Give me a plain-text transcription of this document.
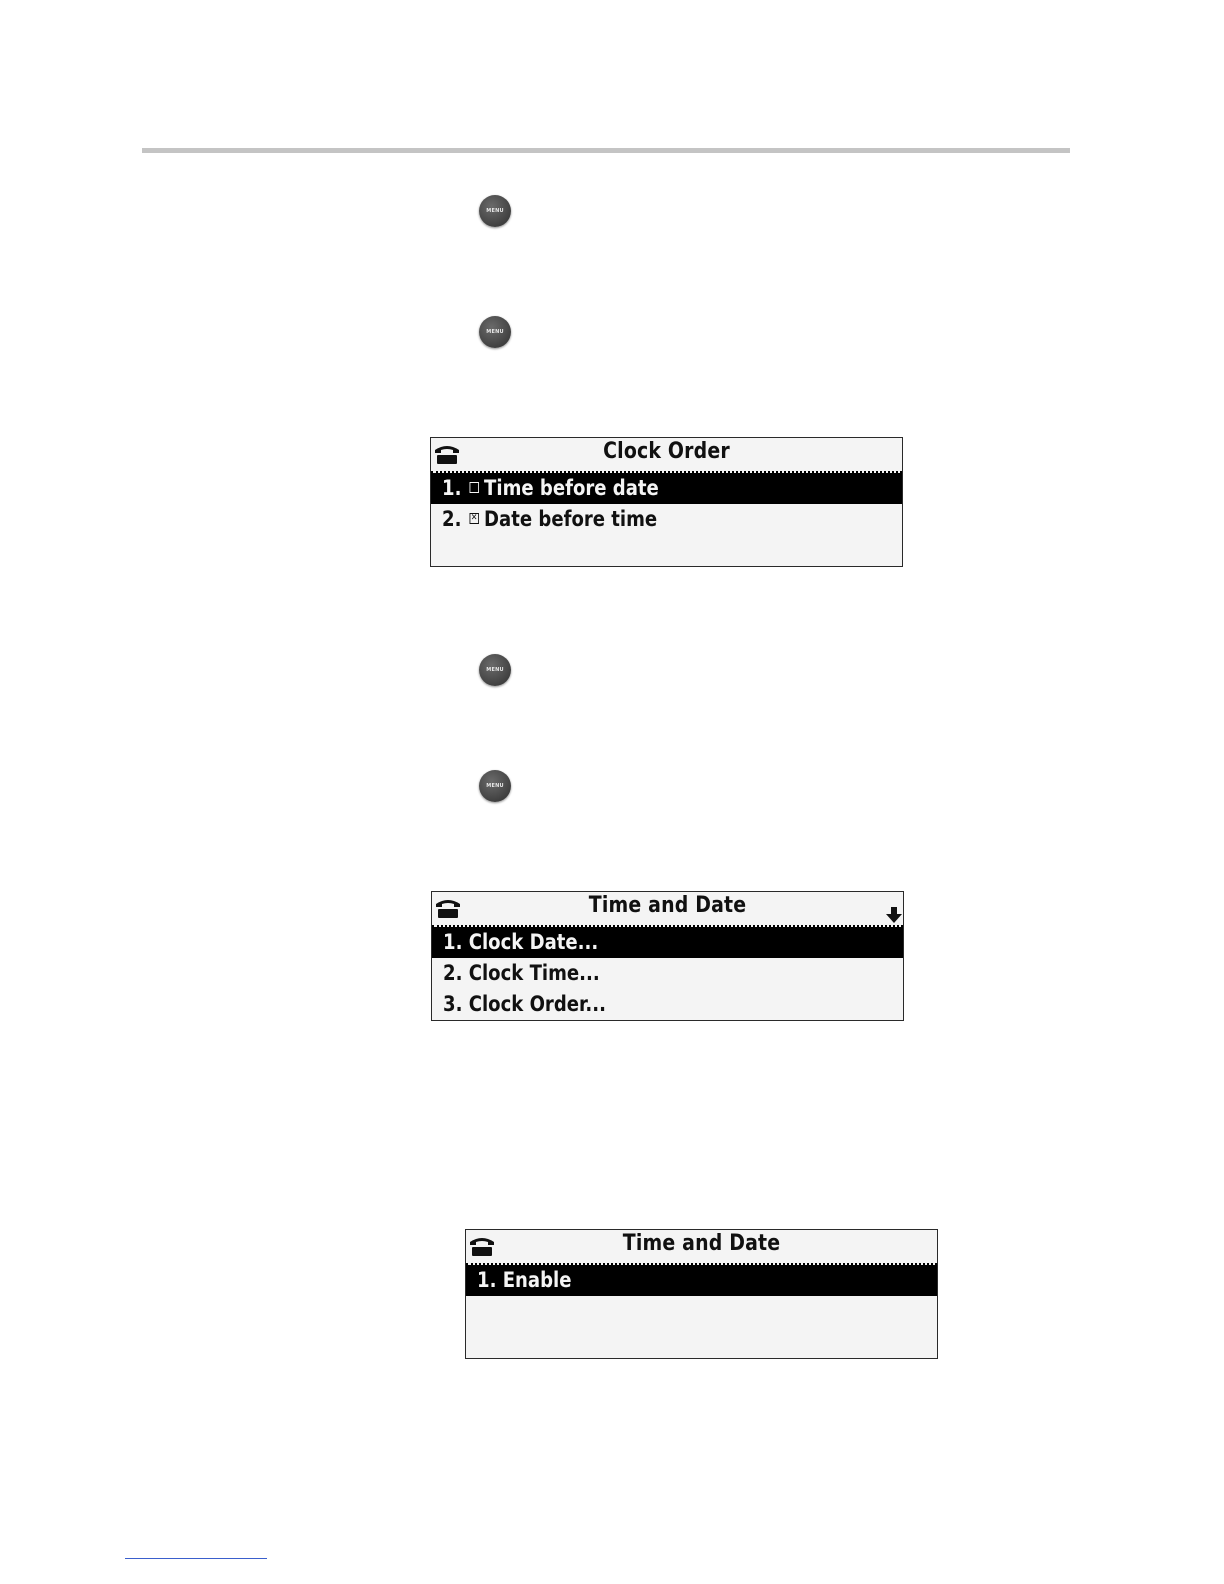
MENU
MENU
MENU
MENU
Clock Order
1. Time before date
2. ✕ Date before time
Time and Date
1. Clock Date...
2. Clock Time...
3. Clock Order...
Time and Date
1. Enable
